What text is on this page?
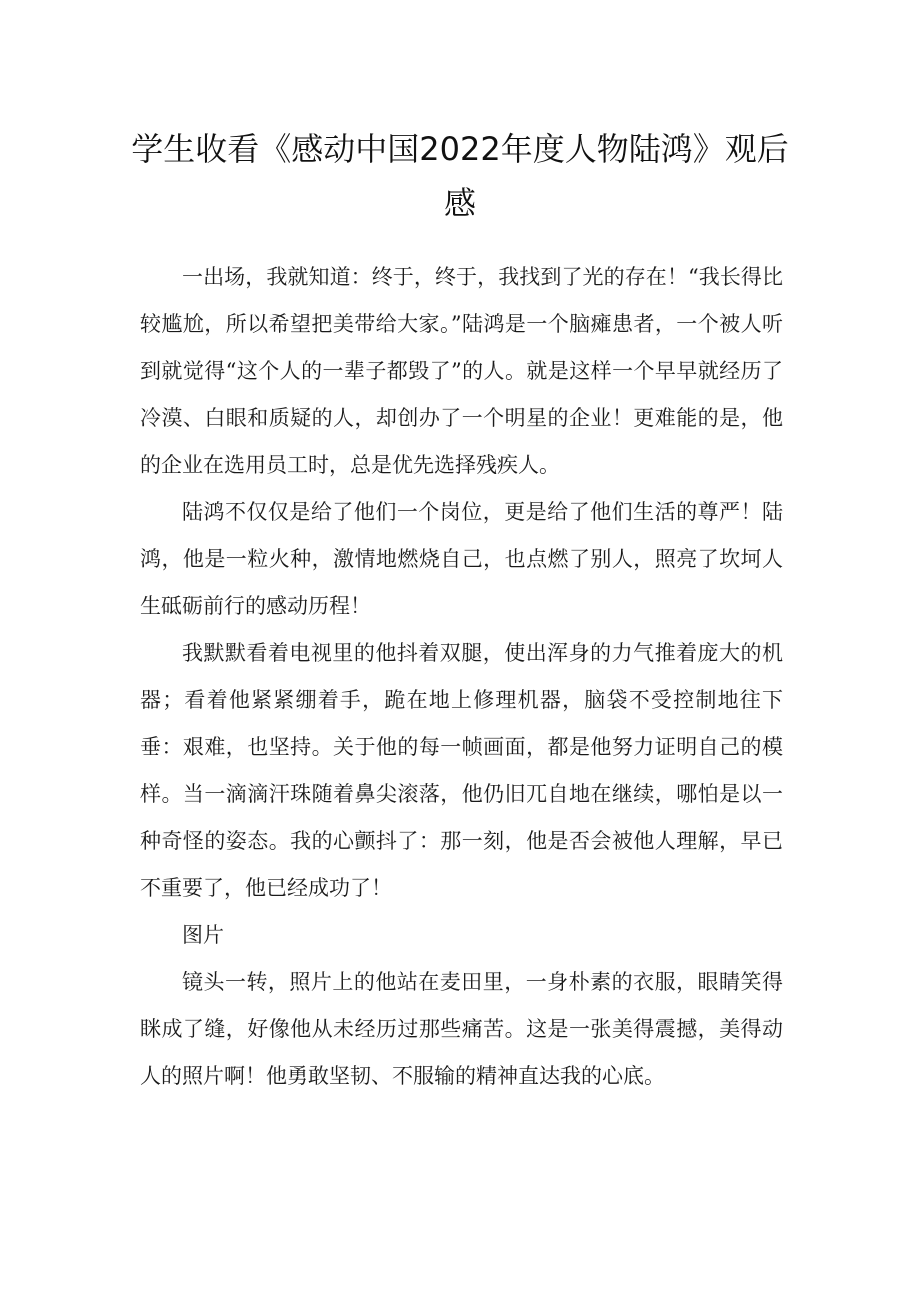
学生收看《感动中国2022年度人物陆鸿》观后感

一出场，我就知道：终于，终于，我找到了光的存在！“我长得比较尴尬，所以希望把美带给大家。”陆鸿是一个脑瘫患者，一个被人听到就觉得“这个人的一辈子都毁了”的人。就是这样一个早早就经历了冷漠、白眼和质疑的人，却创办了一个明星的企业！更难能的是，他的企业在选用员工时，总是优先选择残疾人。

陆鸿不仅仅是给了他们一个岗位，更是给了他们生活的尊严！陆鸿，他是一粒火种，激情地燃烧自己，也点燃了别人，照亮了坎坷人生砥砺前行的感动历程！

我默默看着电视里的他抖着双腿，使出浑身的力气推着庞大的机器；看着他紧紧绷着手，跪在地上修理机器，脑袋不受控制地往下垂：艰难，也坚持。关于他的每一帧画面，都是他努力证明自己的模样。当一滴滴汗珠随着鼻尖滚落，他仍旧兀自地在继续，哪怕是以一种奇怪的姿态。我的心颤抖了：那一刻，他是否会被他人理解，早已不重要了，他已经成功了！

图片

镜头一转，照片上的他站在麦田里，一身朴素的衣服，眼睛笑得眯成了缝，好像他从未经历过那些痛苦。这是一张美得震撼，美得动人的照片啊！他勇敢坚韧、不服输的精神直达我的心底。
